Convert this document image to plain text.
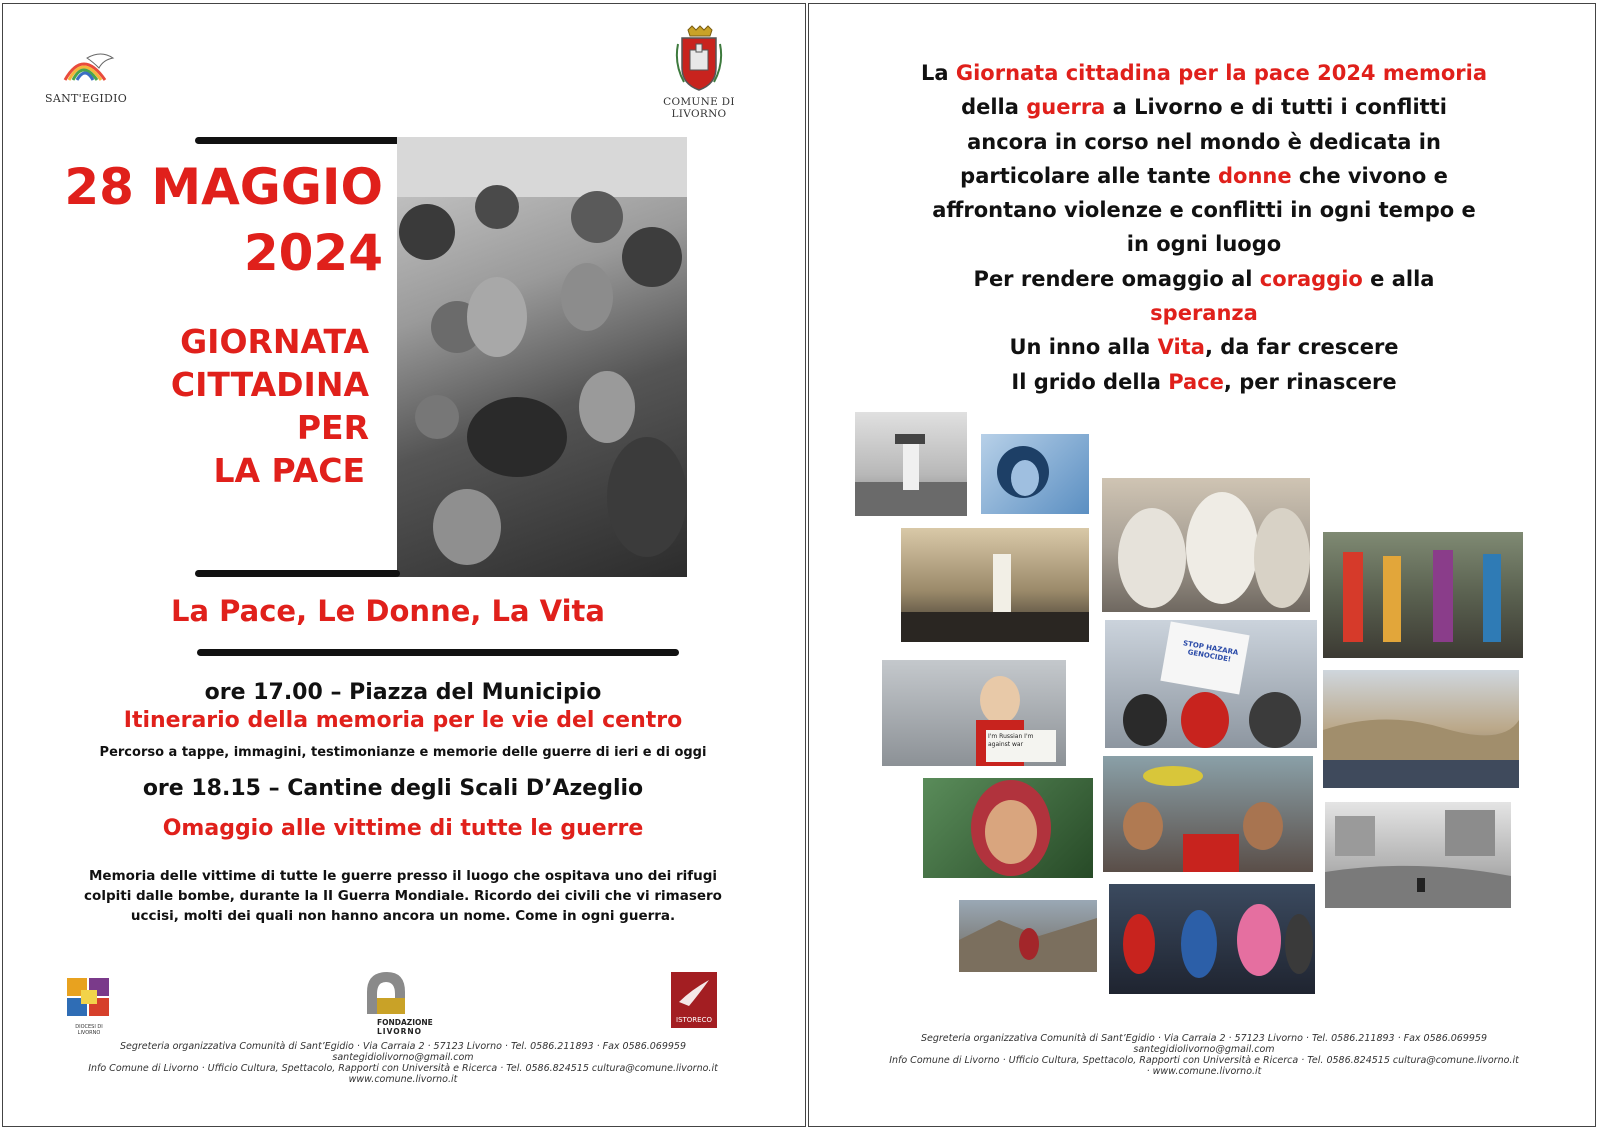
SANT'EGIDIO	COMUNE DI LIVORNO
28 MAGGIO
2024
GIORNATA
CITTADINA
PER
LA PACE
La Pace, Le Donne, La Vita
ore 17.00 – Piazza del Municipio
Itinerario della memoria per le vie del centro
Percorso a tappe, immagini, testimonianze e memorie delle guerre di ieri e di oggi
ore 18.15 – Cantine degli Scali D’Azeglio
Omaggio alle vittime di tutte le guerre
Memoria delle vittime di tutte le guerre presso il luogo che ospitava uno dei rifugi
colpiti dalle bombe, durante la II Guerra Mondiale. Ricordo dei civili che vi rimasero
uccisi, molti dei quali non hanno ancora un nome. Come in ogni guerra.
DIOCESI DI LIVORNO
FONDAZIONE
LIVORNO
ISTORECO
Segreteria organizzativa Comunità di Sant’Egidio · Via Carraia 2 · 57123 Livorno · Tel. 0586.211893 · Fax 0586.069959
santegidiolivorno@gmail.com
Info Comune di Livorno · Ufficio Cultura, Spettacolo, Rapporti con Università e Ricerca · Tel. 0586.824515 cultura@comune.livorno.it
www.comune.livorno.it
La Giornata cittadina per la pace 2024 memoria
della guerra a Livorno e di tutti i conflitti
ancora in corso nel mondo è dedicata in
particolare alle tante donne che vivono e
affrontano violenze e conflitti in ogni tempo e
in ogni luogo
Per rendere omaggio al coraggio e alla
speranza
Un inno alla Vita, da far crescere
Il grido della Pace, per rinascere
I'm Russian I'm against war
STOP HAZARA GENOCIDE!
Segreteria organizzativa Comunità di Sant’Egidio · Via Carraia 2 · 57123 Livorno · Tel. 0586.211893 · Fax 0586.069959
santegidiolivorno@gmail.com
Info Comune di Livorno · Ufficio Cultura, Spettacolo, Rapporti con Università e Ricerca · Tel. 0586.824515 cultura@comune.livorno.it
· www.comune.livorno.it
